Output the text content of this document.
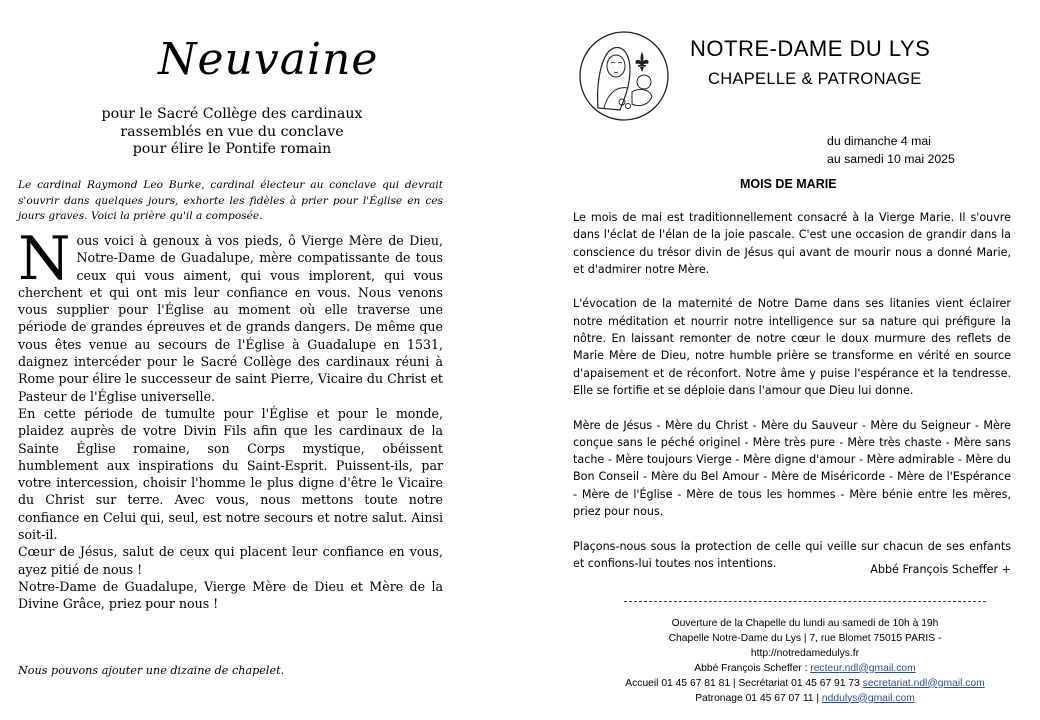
Neuvaine
pour le Sacré Collège des cardinaux
rassemblés en vue du conclave
pour élire le Pontife romain
Le cardinal Raymond Leo Burke, cardinal électeur au conclave qui devrait s'ouvrir dans quelques jours, exhorte les fidèles à prier pour l'Église en ces jours graves. Voici la prière qu'il a composée.

Nous voici à genoux à vos pieds, ô Vierge Mère de Dieu, Notre-Dame de Guadalupe, mère compatissante de tous ceux qui vous aiment, qui vous implorent, qui vous cherchent et qui ont mis leur confiance en vous. Nous venons vous supplier pour l'Église au moment où elle traverse une période de grandes épreuves et de grands dangers. De même que vous êtes venue au secours de l'Église à Guadalupe en 1531, daignez intercéder pour le Sacré Collège des cardinaux réuni à Rome pour élire le successeur de saint Pierre, Vicaire du Christ et Pasteur de l'Église universelle.

En cette période de tumulte pour l'Église et pour le monde, plaidez auprès de votre Divin Fils afin que les cardinaux de la Sainte Église romaine, son Corps mystique, obéissent humblement aux inspirations du Saint-Esprit. Puissent-ils, par votre intercession, choisir l'homme le plus digne d'être le Vicaire du Christ sur terre. Avec vous, nous mettons toute notre confiance en Celui qui, seul, est notre secours et notre salut. Ainsi soit-il.

Cœur de Jésus, salut de ceux qui placent leur confiance en vous, ayez pitié de nous !

Notre-Dame de Guadalupe, Vierge Mère de Dieu et Mère de la Divine Grâce, priez pour nous !

Nous pouvons ajouter une dizaine de chapelet.
NOTRE-DAME DU LYS
CHAPELLE & PATRONAGE
du dimanche 4 mai
au samedi 10 mai 2025
MOIS DE MARIE

Le mois de mai est traditionnellement consacré à la Vierge Marie. Il s'ouvre dans l'éclat de l'élan de la joie pascale. C'est une occasion de grandir dans la conscience du trésor divin de Jésus qui avant de mourir nous a donné Marie, et d'admirer notre Mère.

L'évocation de la maternité de Notre Dame dans ses litanies vient éclairer notre méditation et nourrir notre intelligence sur sa nature qui préfigure la nôtre. En laissant remonter de notre cœur le doux murmure des reflets de Marie Mère de Dieu, notre humble prière se transforme en vérité en source d'apaisement et de réconfort. Notre âme y puise l'espérance et la tendresse. Elle se fortifie et se déploie dans l'amour que Dieu lui donne.

Mère de Jésus - Mère du Christ - Mère du Sauveur - Mère du Seigneur - Mère conçue sans le péché originel - Mère très pure - Mère très chaste - Mère sans tache - Mère toujours Vierge - Mère digne d'amour - Mère admirable - Mère du Bon Conseil - Mère du Bel Amour - Mère de Miséricorde - Mère de l'Espérance - Mère de l'Église - Mère de tous les hommes - Mère bénie entre les mères, priez pour nous.

Plaçons-nous sous la protection de celle qui veille sur chacun de ses enfants et confions-lui toutes nos intentions.	Abbé François Scheffer +
Ouverture de la Chapelle du lundi au samedi de 10h à 19h
Chapelle Notre-Dame du Lys | 7, rue Blomet 75015 PARIS -
http://notredamedulys.fr
Abbé François Scheffer : recteur.ndl@gmail.com
Accueil 01 45 67 81 81 | Secrétariat 01 45 67 91 73 secretariat.ndl@gmail.com
Patronage 01 45 67 07 11 | nddulys@gmail.com
